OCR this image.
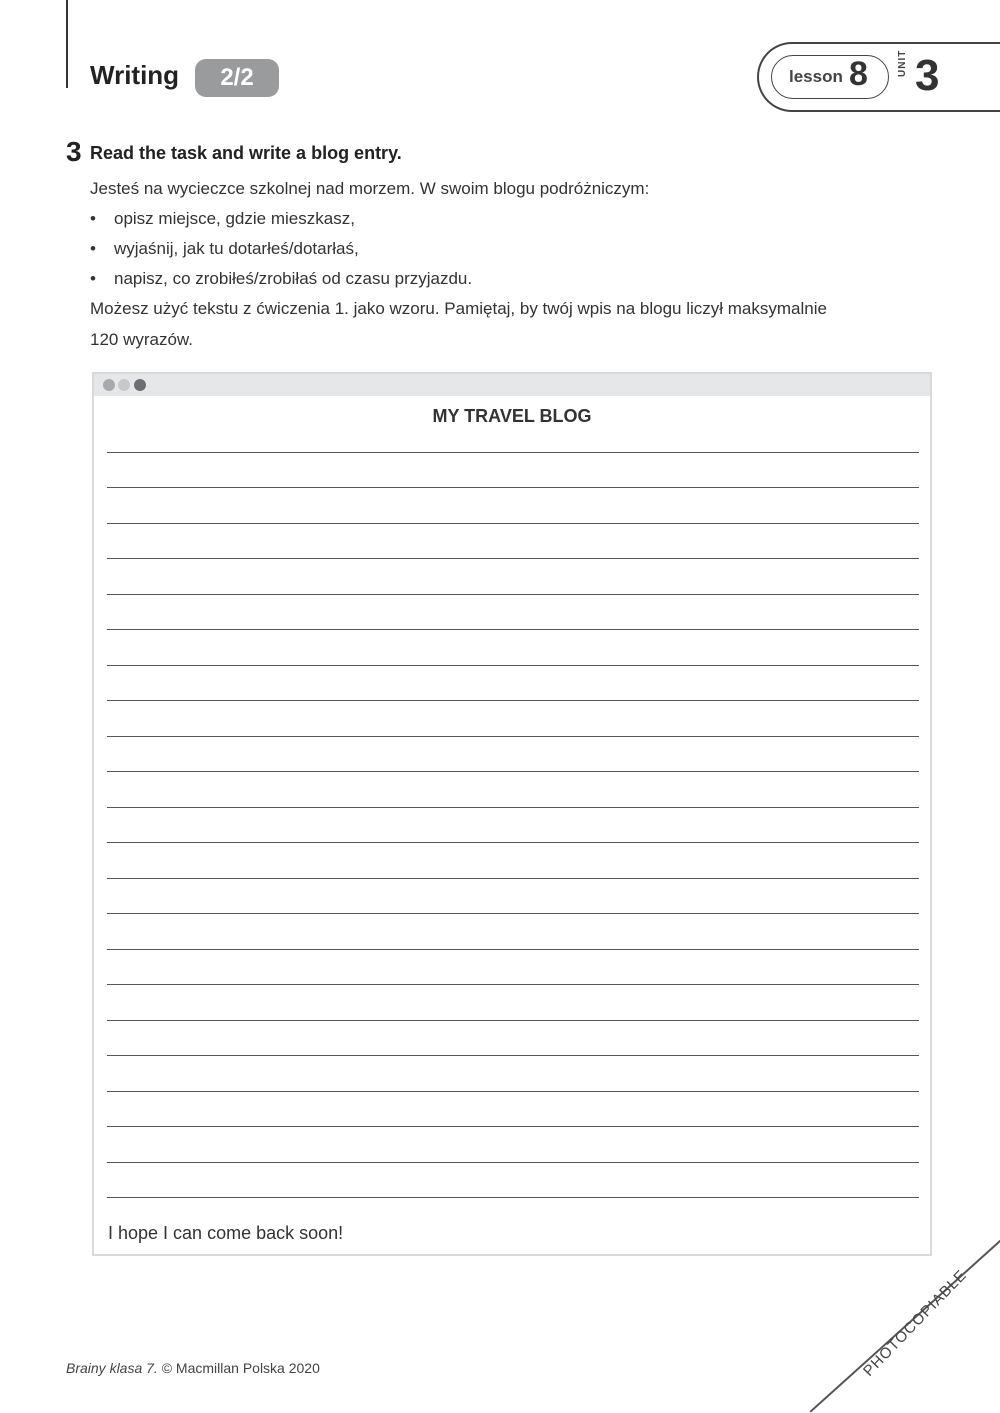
Writing	2/2	lesson 8	UNIT 3
3 Read the task and write a blog entry.
Jesteś na wycieczce szkolnej nad morzem. W swoim blogu podróżniczym:
• opisz miejsce, gdzie mieszkasz,
• wyjaśnij, jak tu dotarłeś/dotarłaś,
• napisz, co zrobiłeś/zrobiłaś od czasu przyjazdu.
Możesz użyć tekstu z ćwiczenia 1. jako wzoru. Pamiętaj, by twój wpis na blogu liczył maksymalnie
120 wyrazów.
MY TRAVEL BLOG
I hope I can come back soon!
PHOTOCOPIABLE
Brainy klasa 7. © Macmillan Polska 2020
